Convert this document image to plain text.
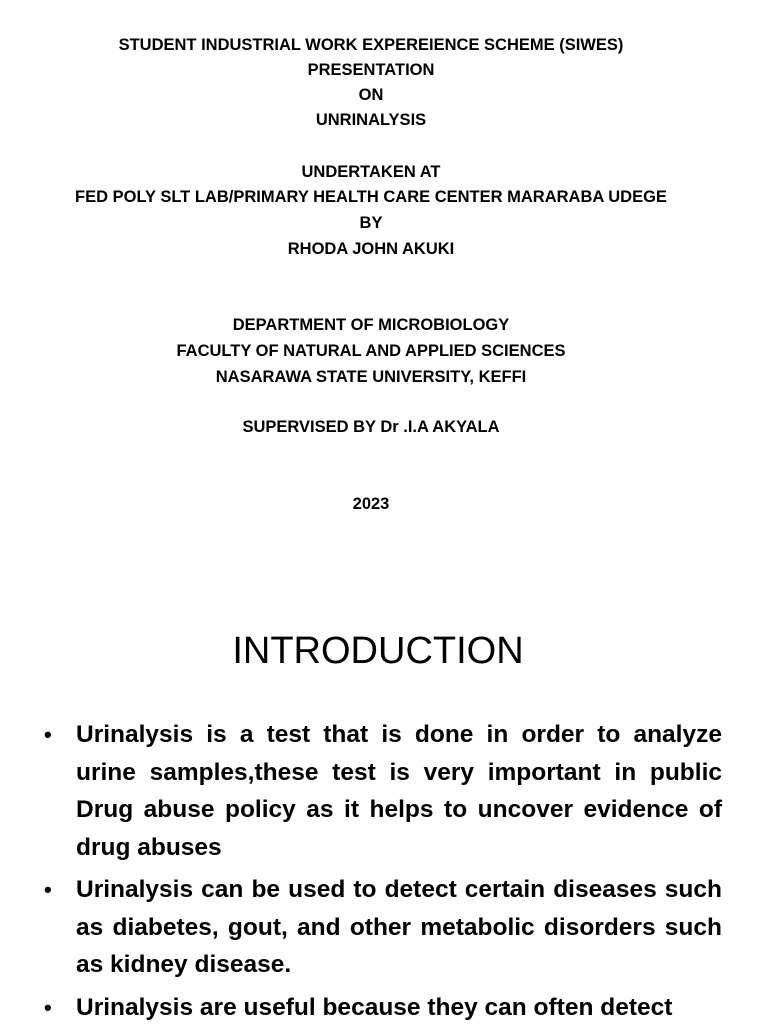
STUDENT INDUSTRIAL WORK EXPEREIENCE SCHEME (SIWES)
PRESENTATION
ON
UNRINALYSIS
UNDERTAKEN AT
FED POLY SLT LAB/PRIMARY HEALTH CARE CENTER MARARABA UDEGE
BY
RHODA JOHN AKUKI
DEPARTMENT OF MICROBIOLOGY
FACULTY OF NATURAL AND APPLIED SCIENCES
NASARAWA STATE UNIVERSITY, KEFFI
SUPERVISED BY Dr .I.A AKYALA
2023
INTRODUCTION
• Urinalysis is a test that is done in order to analyze urine samples,these test is very important in public Drug abuse policy as it helps to uncover evidence of drug abuses
• Urinalysis can be used to detect certain diseases such as diabetes, gout, and other metabolic disorders such as kidney disease.
• Urinalysis are useful because they can often detect
